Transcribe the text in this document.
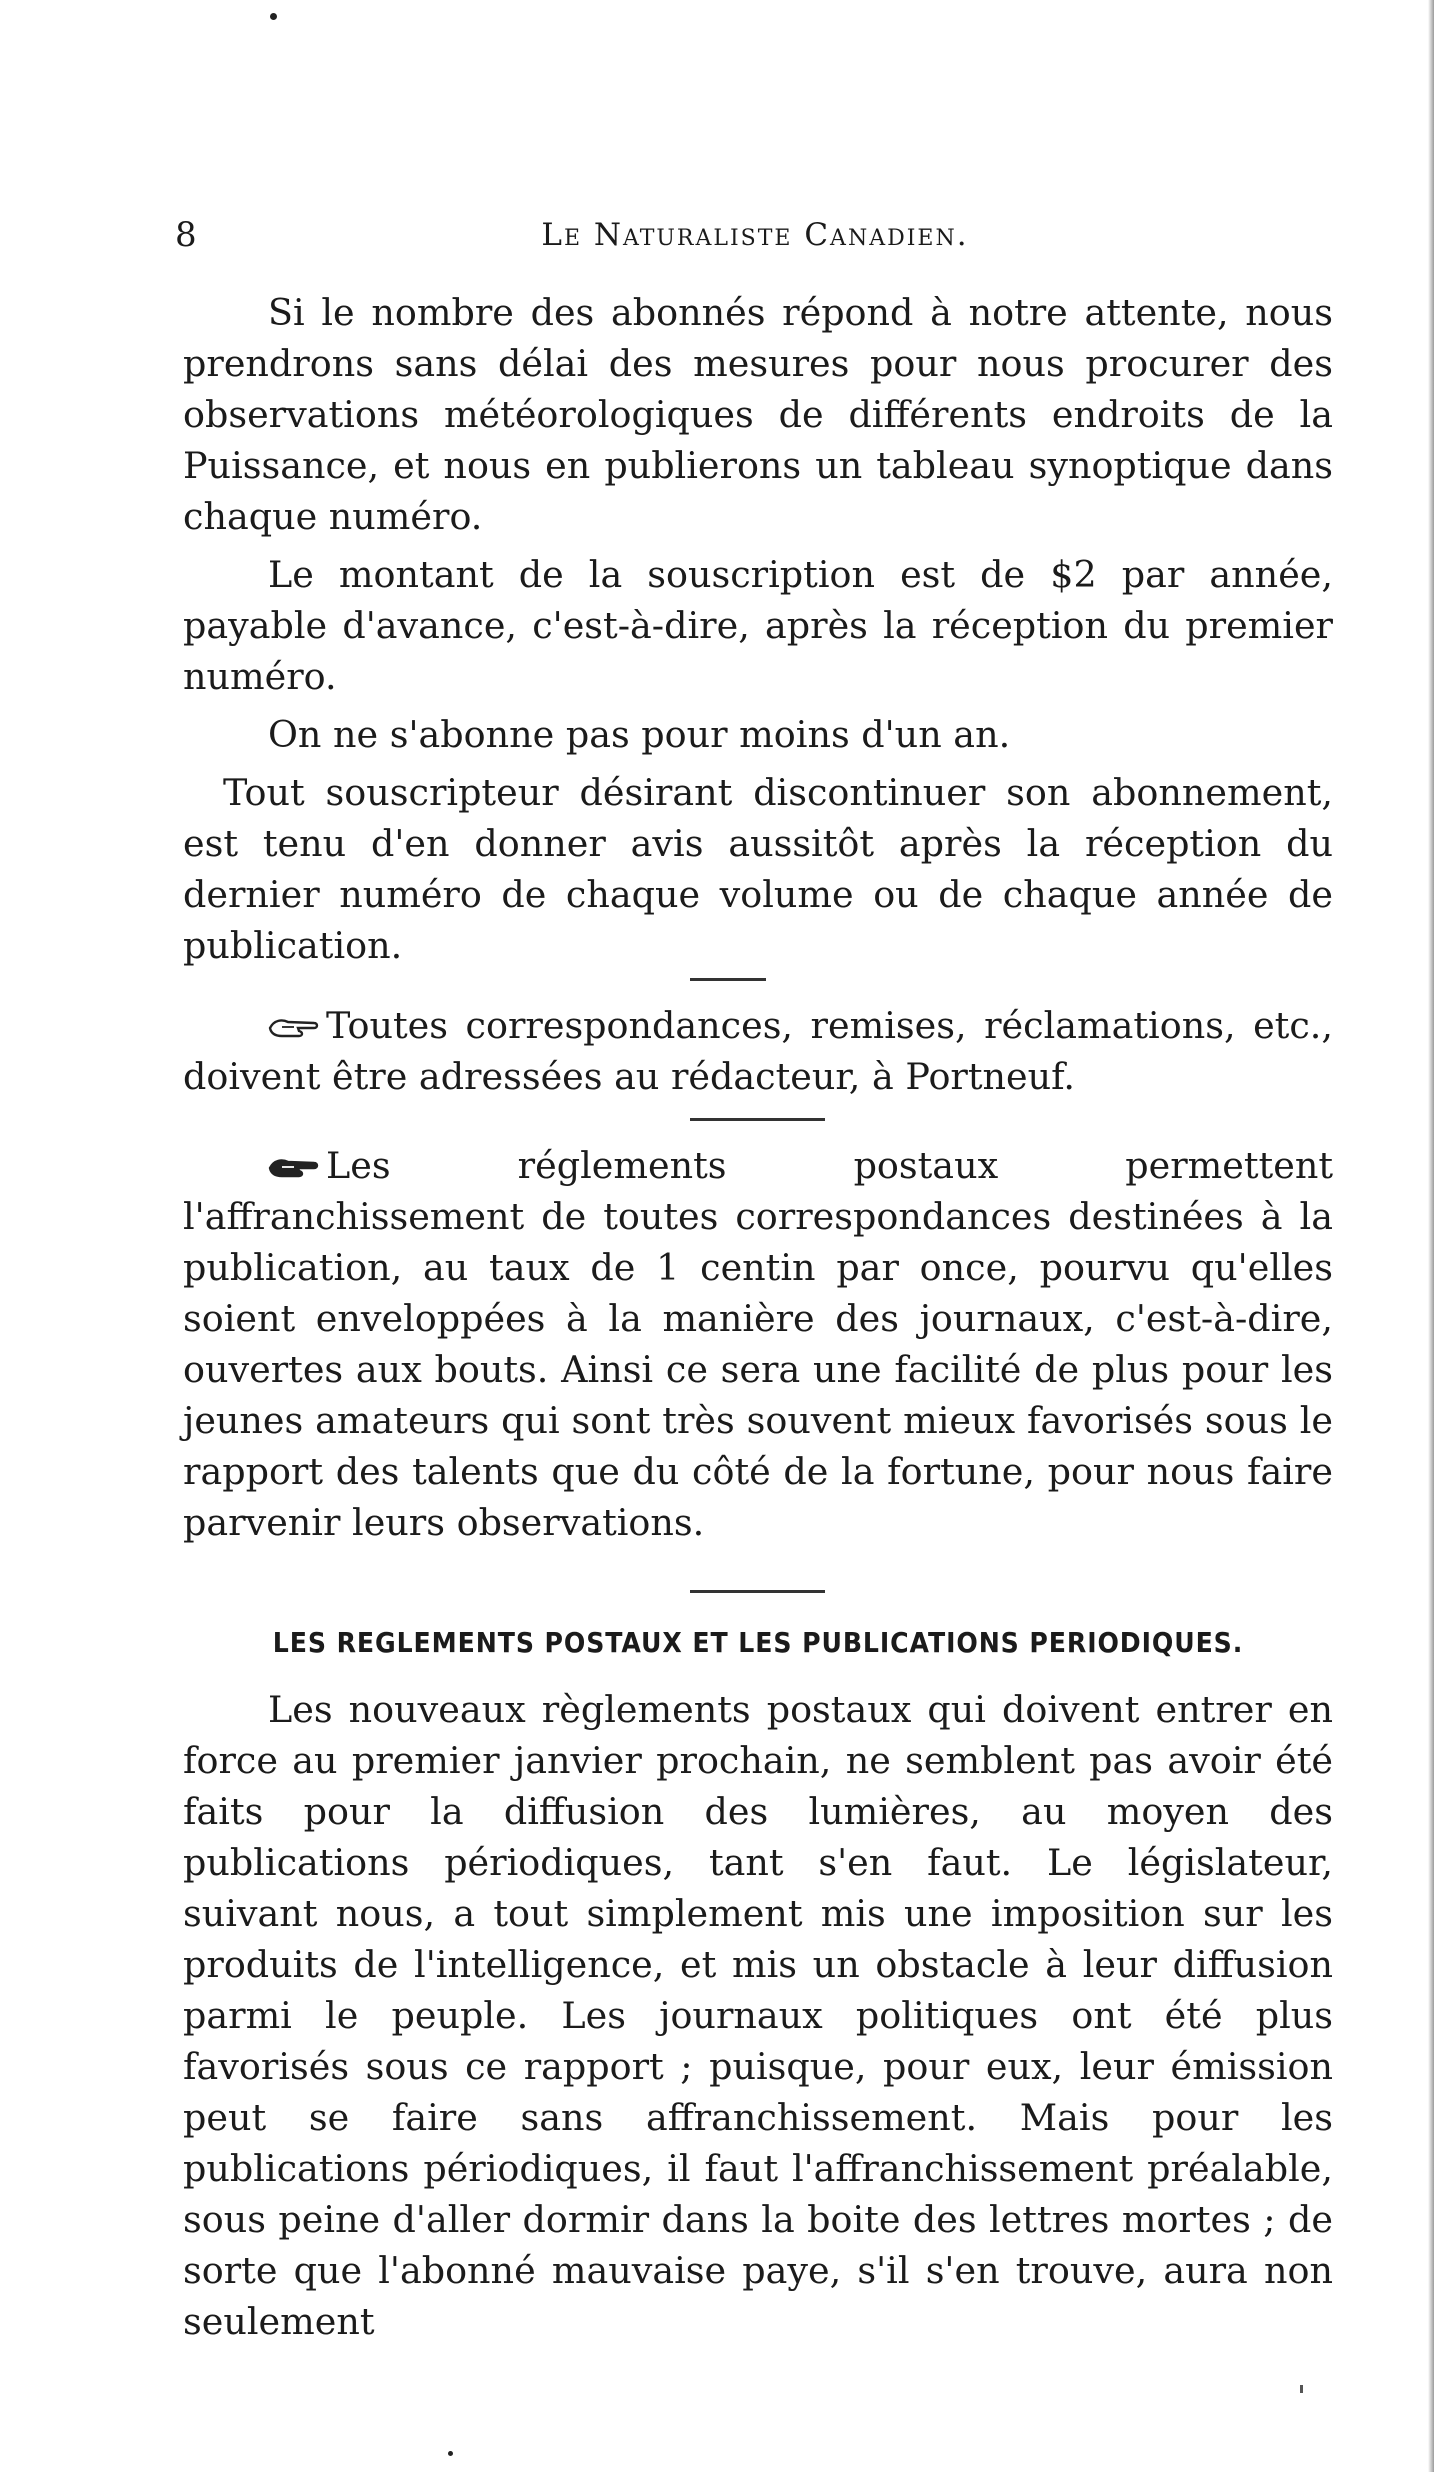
8	Le Naturaliste Canadien.

Si le nombre des abonnés répond à notre attente, nous prendrons sans délai des mesures pour nous procurer des observations météorologiques de différents endroits de la Puissance, et nous en publierons un tableau synoptique dans chaque numéro.

Le montant de la souscription est de $2 par année, payable d'avance, c'est-à-dire, après la réception du premier numéro.

On ne s'abonne pas pour moins d'un an.

Tout souscripteur désirant discontinuer son abonnement, est tenu d'en donner avis aussitôt après la réception du dernier numéro de chaque volume ou de chaque année de publication.

Toutes correspondances, remises, réclamations, etc., doivent être adressées au rédacteur, à Portneuf.

Les réglements postaux permettent l'affranchissement de toutes correspondances destinées à la publication, au taux de 1 centin par once, pourvu qu'elles soient enveloppées à la manière des journaux, c'est-à-dire, ouvertes aux bouts. Ainsi ce sera une facilité de plus pour les jeunes amateurs qui sont très souvent mieux favorisés sous le rapport des talents que du côté de la fortune, pour nous faire parvenir leurs observations.

LES REGLEMENTS POSTAUX ET LES PUBLICATIONS PERIODIQUES.

Les nouveaux règlements postaux qui doivent entrer en force au premier janvier prochain, ne semblent pas avoir été faits pour la diffusion des lumières, au moyen des publications périodiques, tant s'en faut. Le législateur, suivant nous, a tout simplement mis une imposition sur les produits de l'intelligence, et mis un obstacle à leur diffusion parmi le peuple. Les journaux politiques ont été plus favorisés sous ce rapport ; puisque, pour eux, leur émission peut se faire sans affranchissement. Mais pour les publications périodiques, il faut l'affranchissement préalable, sous peine d'aller dormir dans la boite des lettres mortes ; de sorte que l'abonné mauvaise paye, s'il s'en trouve, aura non seulement
